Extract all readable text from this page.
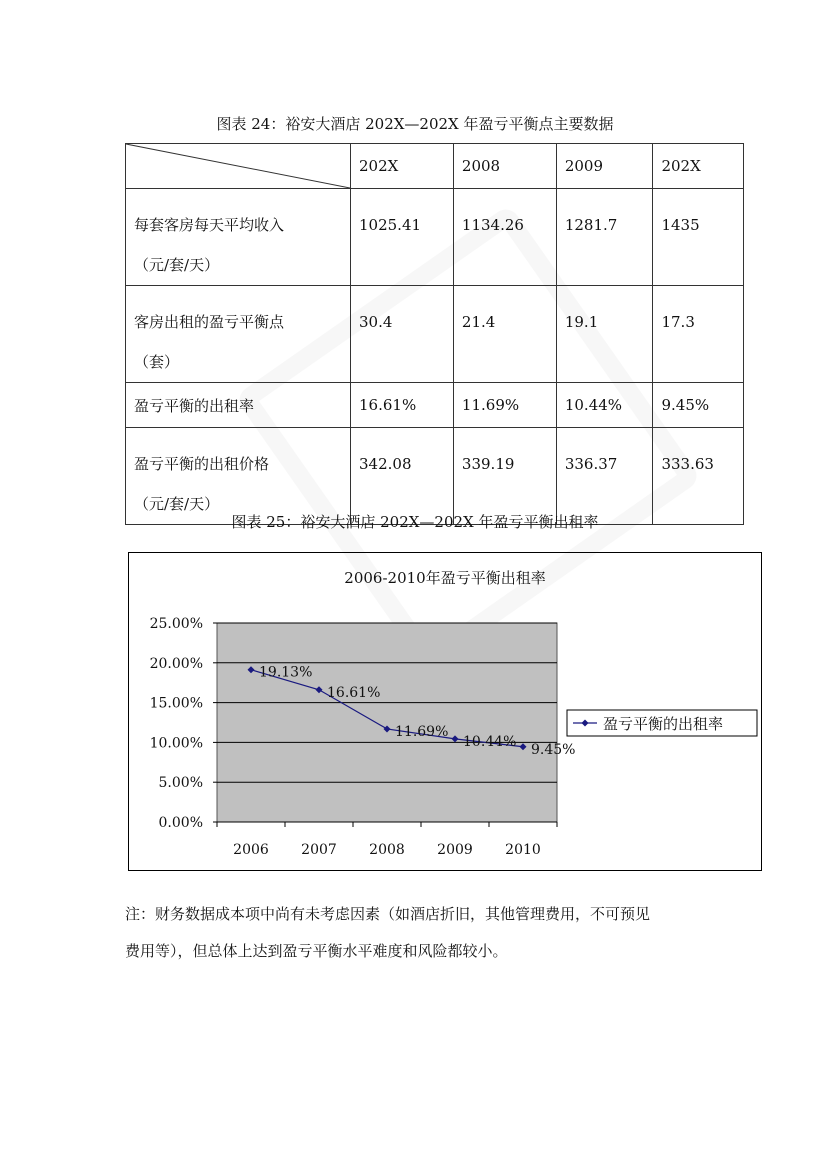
图表 24：裕安大酒店 202X—202X 年盈亏平衡点主要数据
	202X	2008	2009	202X

每套客房每天平均收入
（元/套/天）	1025.41	1134.26	1281.7	1435

客房出租的盈亏平衡点
（套）	30.4	21.4	19.1	17.3
盈亏平衡的出租率	16.61%	11.69%	10.44%	9.45%

盈亏平衡的出租价格
（元/套/天）	342.08	339.19	336.37	333.63
图表 25：裕安大酒店 202X—202X 年盈亏平衡出租率
2006-2010年盈亏平衡出租率
0.00%
5.00%
10.00%
15.00%
20.00%
25.00%
2006 2007 2008 2009 2010
19.13%
16.61%
11.69%
10.44% 9.45%
盈亏平衡的出租率
注：财务数据成本项中尚有未考虑因素（如酒店折旧，其他管理费用，不可预见
费用等），但总体上达到盈亏平衡水平难度和风险都较小。
